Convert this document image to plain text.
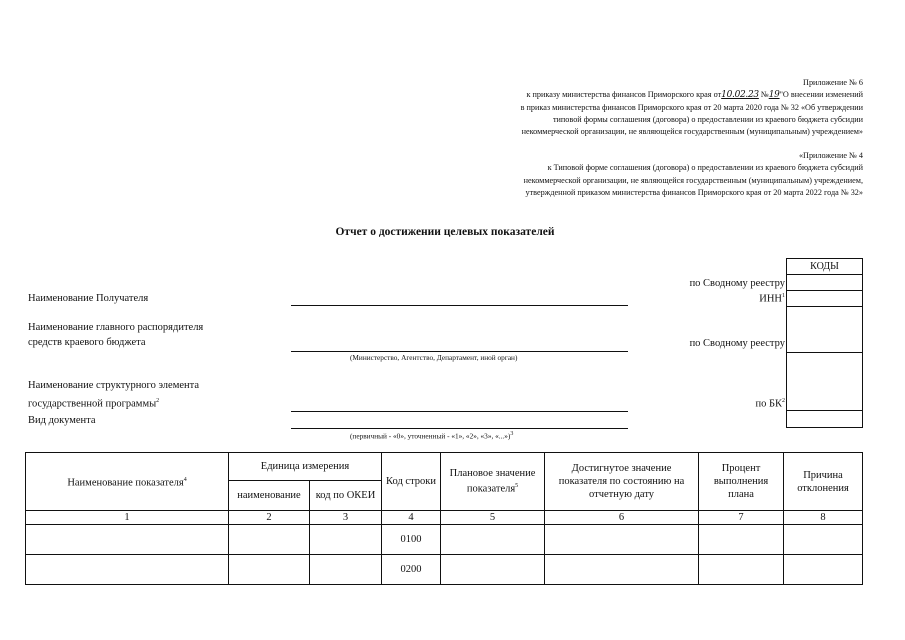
Приложение № 6
к приказу министерства финансов Приморского края от10.02.23 №19"О внесении изменений
в приказ министерства финансов Приморского края от 20 марта 2020 года № 32 «Об утверждении
типовой формы соглашения (договора) о предоставлении из краевого бюджета субсидии
некоммерческой организации, не являющейся государственным (муниципальным) учреждением»
«Приложение № 4
к Типовой форме соглашения (договора) о предоставлении из краевого бюджета субсидий
некоммерческой организации, не являющейся государственным (муниципальным) учреждением,
утвержденной приказом министерства финансов Приморского края от 20 марта 2022 года № 32»
Отчет о достижении целевых показателей
Наименование Получателя
Наименование главного распорядителя
средств краевого бюджета
(Министерство, Агентство, Департамент, иной орган)
Наименование структурного элемента
государственной программы$^2$
Вид документа
(первичный - «0», уточненный - «1», «2», «3», «...»)$^3$
по Сводному реестру
ИНН$^1$
по Сводному реестру
по $БК^2$
КОДЫ
Наименование показателя$^4$	Единица измерения		Код строки	Плановое значение показателя$^5$	Достигнутое значение показателя по состоянию на отчетную дату	Процент выполнения плана	Причина отклонения
	наименование	код по ОКЕИ					
1	2	3	4	5	6	7	8
			0100				
			0200				
